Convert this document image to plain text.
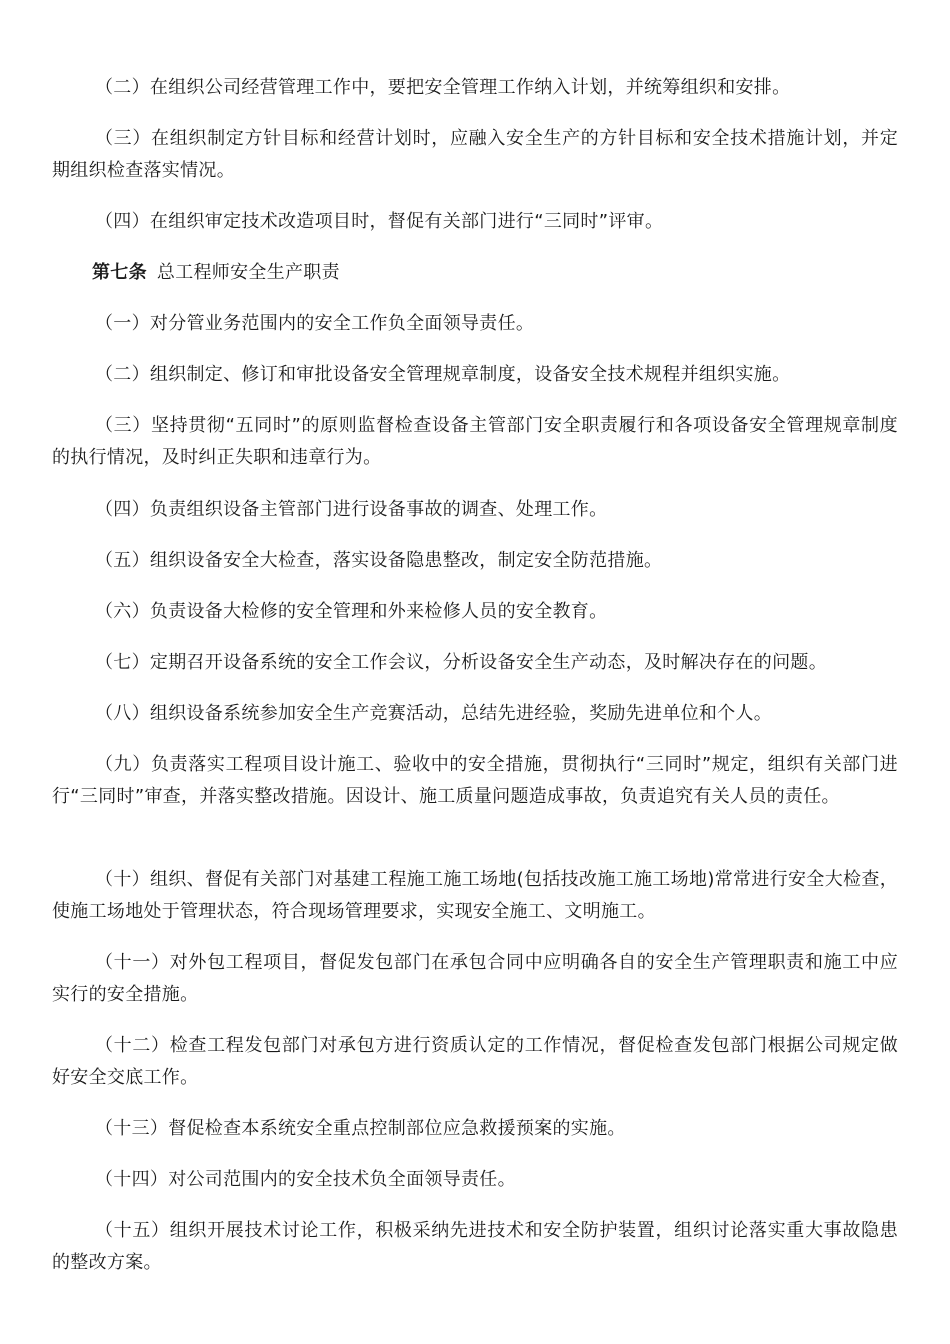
（二）在组织公司经营管理工作中，要把安全管理工作纳入计划，并统筹组织和安排。

（三）在组织制定方针目标和经营计划时，应融入安全生产的方针目标和安全技术措施计划，并定期组织检查落实情况。

（四）在组织审定技术改造项目时，督促有关部门进行“三同时”评审。

第七条 总工程师安全生产职责

（一）对分管业务范围内的安全工作负全面领导责任。

（二）组织制定、修订和审批设备安全管理规章制度，设备安全技术规程并组织实施。

（三）坚持贯彻“五同时”的原则监督检查设备主管部门安全职责履行和各项设备安全管理规章制度的执行情况，及时纠正失职和违章行为。

（四）负责组织设备主管部门进行设备事故的调查、处理工作。

（五）组织设备安全大检查，落实设备隐患整改，制定安全防范措施。

（六）负责设备大检修的安全管理和外来检修人员的安全教育。

（七）定期召开设备系统的安全工作会议，分析设备安全生产动态，及时解决存在的问题。

（八）组织设备系统参加安全生产竞赛活动，总结先进经验，奖励先进单位和个人。

（九）负责落实工程项目设计施工、验收中的安全措施，贯彻执行“三同时”规定，组织有关部门进行“三同时”审查，并落实整改措施。因设计、施工质量问题造成事故，负责追究有关人员的责任。

（十）组织、督促有关部门对基建工程施工施工场地(包括技改施工施工场地)常常进行安全大检查，使施工场地处于管理状态，符合现场管理要求，实现安全施工、文明施工。

（十一）对外包工程项目，督促发包部门在承包合同中应明确各自的安全生产管理职责和施工中应实行的安全措施。

（十二）检查工程发包部门对承包方进行资质认定的工作情况，督促检查发包部门根据公司规定做好安全交底工作。

（十三）督促检查本系统安全重点控制部位应急救援预案的实施。

（十四）对公司范围内的安全技术负全面领导责任。

（十五）组织开展技术讨论工作，积极采纳先进技术和安全防护装置，组织讨论落实重大事故隐患的整改方案。
